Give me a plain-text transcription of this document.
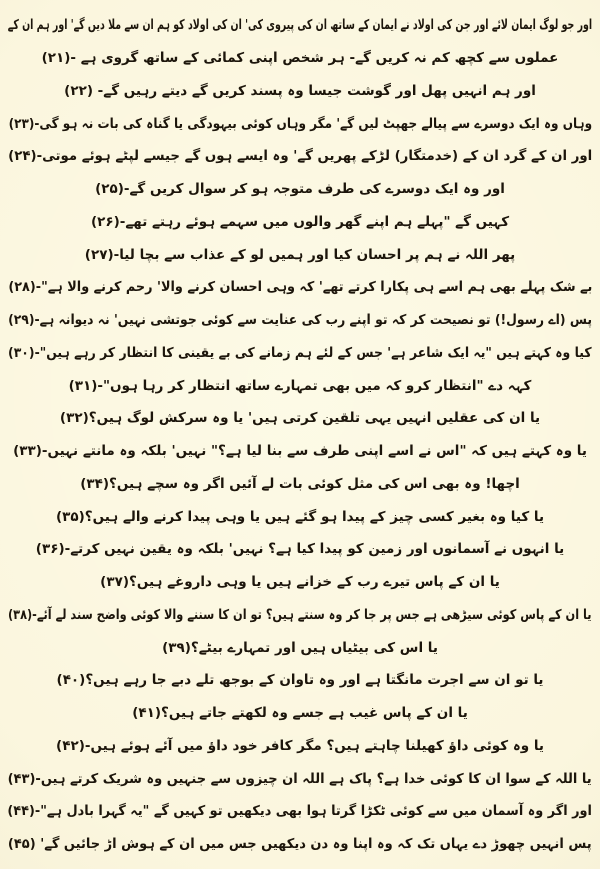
اور جو لوگ ایمان لائے اور جن کی اولاد نے ایمان کے ساتھ ان کی پیروی کی' ان کی اولاد کو ہم ان سے ملا دیں گے' اور ہم ان کے
عملوں سے کچھ کم نہ کریں گے- ہر شخص اپنی کمائی کے ساتھ گروی ہے -(۲۱)
اور ہم انہیں پھل اور گوشت جیسا وہ پسند کریں گے دیتے رہیں گے- (۲۲)
وہاں وہ ایک دوسرے سے پیالے جھپٹ لیں گے' مگر وہاں کوئی بیہودگی یا گناہ کی بات نہ ہو گی-(۲۳)
اور ان کے گرد ان کے (خدمتگار) لڑکے پھریں گے' وہ ایسے ہوں گے جیسے لپٹے ہوئے موتی-(۲۴)
اور وہ ایک دوسرے کی طرف متوجہ ہو کر سوال کریں گے-(۲۵)
کہیں گے "پہلے ہم اپنے گھر والوں میں سہمے ہوئے رہتے تھے-(۲۶)
پھر اللہ نے ہم پر احسان کیا اور ہمیں لو کے عذاب سے بچا لیا-(۲۷)
بے شک پہلے بھی ہم اسے ہی پکارا کرتے تھے' کہ وہی احسان کرنے والا' رحم کرنے والا ہے"-(۲۸)
پس (اے رسول!) تو نصیحت کر کہ تو اپنے رب کی عنایت سے کوئی جوتشی نہیں' نہ دیوانہ ہے-(۲۹)
کیا وہ کہتے ہیں "یہ ایک شاعر ہے' جس کے لئے ہم زمانے کی بے یقینی کا انتظار کر رہے ہیں"-(۳۰)
کہہ دے "انتظار کرو کہ میں بھی تمہارے ساتھ انتظار کر رہا ہوں"-(۳۱)
یا ان کی عقلیں انہیں یہی تلقین کرتی ہیں' یا وہ سرکش لوگ ہیں؟(۳۲)
یا وہ کہتے ہیں کہ "اس نے اسے اپنی طرف سے بنا لیا ہے؟" نہیں' بلکہ وہ مانتے نہیں-(۳۳)
اچھا! وہ بھی اس کی مثل کوئی بات لے آئیں اگر وہ سچے ہیں؟(۳۴)
یا کیا وہ بغیر کسی چیز کے پیدا ہو گئے ہیں یا وہی پیدا کرنے والے ہیں؟(۳۵)
یا انہوں نے آسمانوں اور زمین کو پیدا کیا ہے؟ نہیں' بلکہ وہ یقین نہیں کرتے-(۳۶)
یا ان کے پاس تیرے رب کے خزانے ہیں یا وہی داروغے ہیں؟(۳۷)
یا ان کے پاس کوئی سیڑھی ہے جس پر جا کر وہ سنتے ہیں؟ تو ان کا سننے والا کوئی واضح سند لے آئے-(۳۸)
یا اس کی بیٹیاں ہیں اور تمہارے بیٹے؟(۳۹)
یا تو ان سے اجرت مانگتا ہے اور وہ تاوان کے بوجھ تلے دبے جا رہے ہیں؟(۴۰)
یا ان کے پاس غیب ہے جسے وہ لکھتے جاتے ہیں؟(۴۱)
یا وہ کوئی داؤ کھیلنا چاہتے ہیں؟ مگر کافر خود داؤ میں آئے ہوئے ہیں-(۴۲)
یا اللہ کے سوا ان کا کوئی خدا ہے؟ پاک ہے اللہ ان چیزوں سے جنہیں وہ شریک کرتے ہیں-(۴۳)
اور اگر وہ آسمان میں سے کوئی ٹکڑا گرتا ہوا بھی دیکھیں تو کہیں گے "یہ گہرا بادل ہے"-(۴۴)
پس انہیں چھوڑ دے یہاں تک کہ وہ اپنا وہ دن دیکھیں جس میں ان کے ہوش اڑ جائیں گے' (۴۵)
